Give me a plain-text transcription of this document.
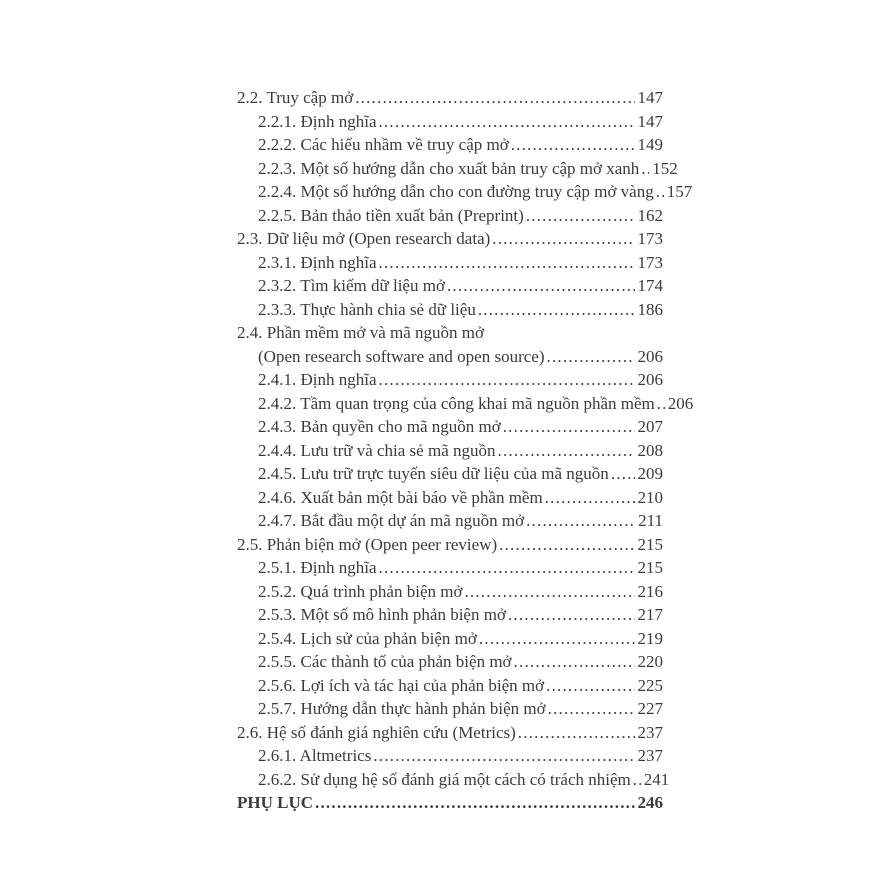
2.2. Truy cập mở .....	147
2.2.1. Định nghĩa .....	147
2.2.2. Các hiểu nhầm về truy cập mở .....	149
2.2.3. Một số hướng dẫn cho xuất bản truy cập mở xanh ..... 152
2.2.4. Một số hướng dẫn cho con đường truy cập mở vàng ..... 157
2.2.5. Bản thảo tiền xuất bản (Preprint) .....	162
2.3. Dữ liệu mở (Open research data) .....	173
2.3.1. Định nghĩa .....	173
2.3.2. Tìm kiếm dữ liệu mở .....	174
2.3.3. Thực hành chia sẻ dữ liệu .....	186
2.4. Phần mềm mở và mã nguồn mở
(Open research software and open source) .....	206
2.4.1. Định nghĩa .....	206
2.4.2. Tầm quan trọng của công khai mã nguồn phần mềm ..... 206
2.4.3. Bản quyền cho mã nguồn mở .....	207
2.4.4. Lưu trữ và chia sẻ mã nguồn .....	208
2.4.5. Lưu trữ trực tuyến siêu dữ liệu của mã nguồn ..... 209
2.4.6. Xuất bản một bài báo về phần mềm .....	210
2.4.7. Bắt đầu một dự án mã nguồn mở .....	211
2.5. Phản biện mở (Open peer review) .....	215
2.5.1. Định nghĩa .....	215
2.5.2. Quá trình phản biện mở .....	216
2.5.3. Một số mô hình phản biện mở .....	217
2.5.4. Lịch sử của phản biện mở .....	219
2.5.5. Các thành tố của phản biện mở .....	220
2.5.6. Lợi ích và tác hại của phản biện mở .....	225
2.5.7. Hướng dẫn thực hành phản biện mở .....	227
2.6. Hệ số đánh giá nghiên cứu (Metrics) .....	237
2.6.1. Altmetrics .....	237
2.6.2. Sử dụng hệ số đánh giá một cách có trách nhiệm ..... 241
PHỤ LỤC .....	246
